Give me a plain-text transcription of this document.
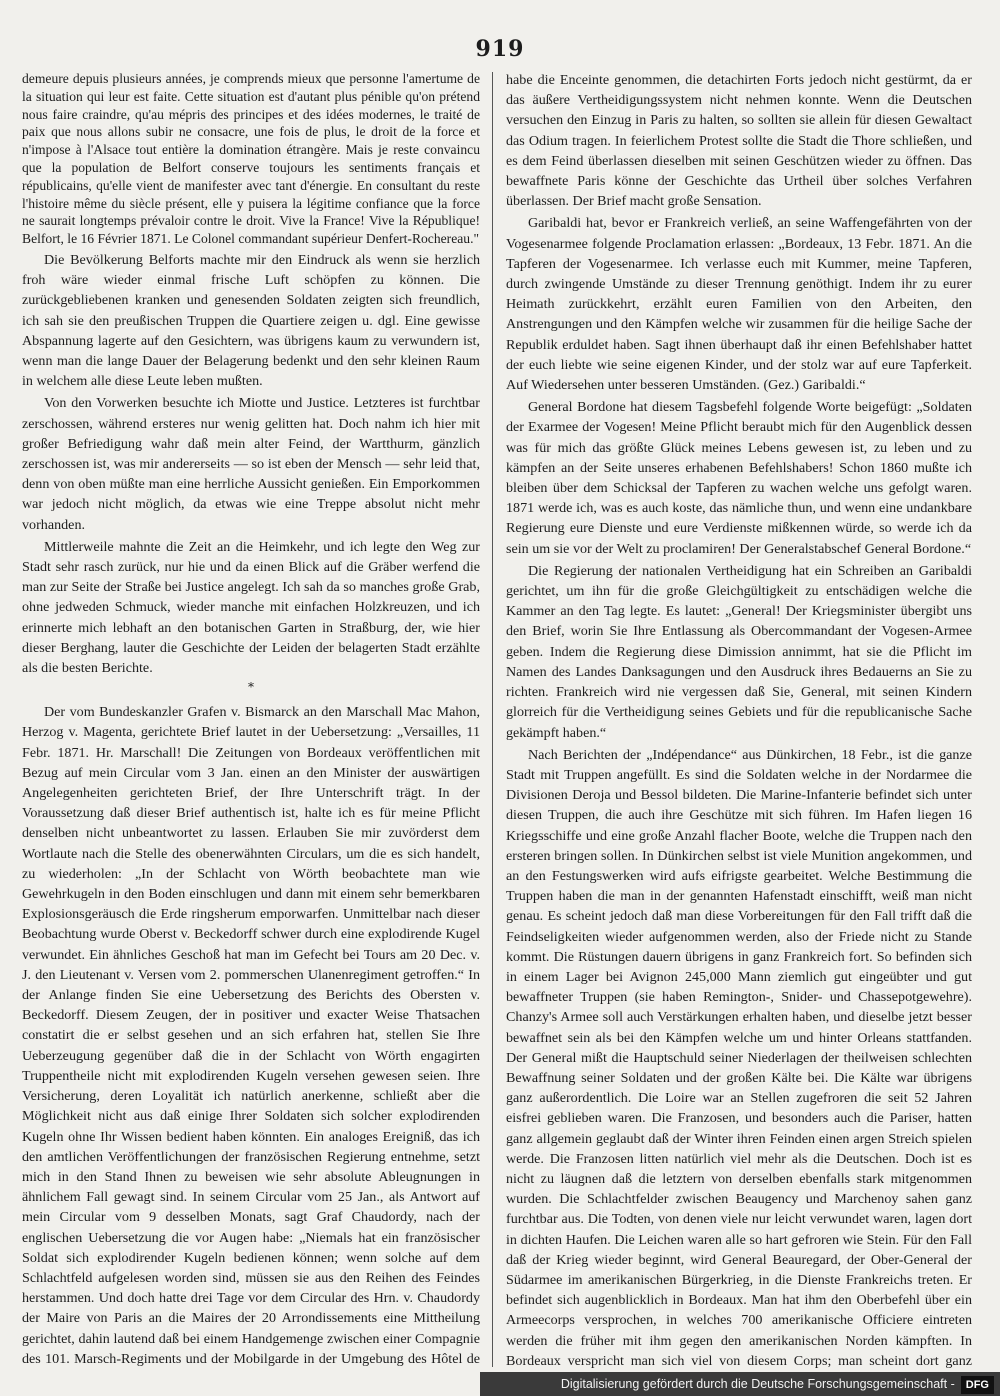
919

demeure depuis plusieurs années, je comprends mieux que personne l'amertume de la situation qui leur est faite. Cette situation est d'autant plus pénible qu'on prétend nous faire craindre, qu'au mépris des principes et des idées modernes, le traité de paix que nous allons subir ne consacre, une fois de plus, le droit de la force et n'impose à l'Alsace tout entière la domination étrangère. Mais je reste convaincu que la population de Belfort conserve toujours les sentiments français et républicains, qu'elle vient de manifester avec tant d'énergie. En consultant du reste l'histoire même du siècle présent, elle y puisera la légitime confiance que la force ne saurait longtemps prévaloir contre le droit. Vive la France! Vive la République! Belfort, le 16 Février 1871. Le Colonel commandant supérieur Denfert-Rochereau."

Die Bevölkerung Belforts machte mir den Eindruck als wenn sie herzlich froh wäre wieder einmal frische Luft schöpfen zu können. Die zurückgebliebenen kranken und genesenden Soldaten zeigten sich freundlich, ich sah sie den preußischen Truppen die Quartiere zeigen u. dgl. Eine gewisse Abspannung lagerte auf den Gesichtern, was übrigens kaum zu verwundern ist, wenn man die lange Dauer der Belagerung bedenkt und den sehr kleinen Raum in welchem alle diese Leute leben mußten.

Von den Vorwerken besuchte ich Miotte und Justice. Letzteres ist furchtbar zerschossen, während ersteres nur wenig gelitten hat. Doch nahm ich hier mit großer Befriedigung wahr daß mein alter Feind, der Wartthurm, gänzlich zerschossen ist, was mir andererseits — so ist eben der Mensch — sehr leid that, denn von oben müßte man eine herrliche Aussicht genießen. Ein Emporkommen war jedoch nicht möglich, da etwas wie eine Treppe absolut nicht mehr vorhanden.

Mittlerweile mahnte die Zeit an die Heimkehr, und ich legte den Weg zur Stadt sehr rasch zurück, nur hie und da einen Blick auf die Gräber werfend die man zur Seite der Straße bei Justice angelegt. Ich sah da so manches große Grab, ohne jedweden Schmuck, wieder manche mit einfachen Holzkreuzen, und ich erinnerte mich lebhaft an den botanischen Garten in Straßburg, der, wie hier dieser Berghang, lauter die Geschichte der Leiden der belagerten Stadt erzählte als die besten Berichte.

*

Der vom Bundeskanzler Grafen v. Bismarck an den Marschall Mac Mahon, Herzog v. Magenta, gerichtete Brief lautet in der Uebersetzung: „Versailles, 11 Febr. 1871. Hr. Marschall! Die Zeitungen von Bordeaux veröffentlichen mit Bezug auf mein Circular vom 3 Jan. einen an den Minister der auswärtigen Angelegenheiten gerichteten Brief, der Ihre Unterschrift trägt. In der Voraussetzung daß dieser Brief authentisch ist, halte ich es für meine Pflicht denselben nicht unbeantwortet zu lassen. Erlauben Sie mir zuvörderst dem Wortlaute nach die Stelle des obenerwähnten Circulars, um die es sich handelt, zu wiederholen: „In der Schlacht von Wörth beobachtete man wie Gewehrkugeln in den Boden einschlugen und dann mit einem sehr bemerkbaren Explosionsgeräusch die Erde ringsherum emporwarfen. Unmittelbar nach dieser Beobachtung wurde Oberst v. Beckedorff schwer durch eine explodirende Kugel verwundet. Ein ähnliches Geschoß hat man im Gefecht bei Tours am 20 Dec. v. J. den Lieutenant v. Versen vom 2. pommerschen Ulanenregiment getroffen.“ In der Anlange finden Sie eine Uebersetzung des Berichts des Obersten v. Beckedorff. Diesem Zeugen, der in positiver und exacter Weise Thatsachen constatirt die er selbst gesehen und an sich erfahren hat, stellen Sie Ihre Ueberzeugung gegenüber daß die in der Schlacht von Wörth engagirten Truppentheile nicht mit explodirenden Kugeln versehen gewesen seien. Ihre Versicherung, deren Loyalität ich natürlich anerkenne, schließt aber die Möglichkeit nicht aus daß einige Ihrer Soldaten sich solcher explodirenden Kugeln ohne Ihr Wissen bedient haben könnten. Ein analoges Ereigniß, das ich den amtlichen Veröffentlichungen der französischen Regierung entnehme, setzt mich in den Stand Ihnen zu beweisen wie sehr absolute Ableugnungen in ähnlichem Fall gewagt sind. In seinem Circular vom 25 Jan., als Antwort auf mein Circular vom 9 desselben Monats, sagt Graf Chaudordy, nach der englischen Uebersetzung die vor Augen habe: „Niemals hat ein französischer Soldat sich explodirender Kugeln bedienen können; wenn solche auf dem Schlachtfeld aufgelesen worden sind, müssen sie aus den Reihen des Feindes herstammen. Und doch hatte drei Tage vor dem Circular des Hrn. v. Chaudordy der Maire von Paris an die Maires der 20 Arrondissements eine Mittheilung gerichtet, dahin lautend daß bei einem Handgemenge zwischen einer Compagnie des 101. Marsch-Regiments und der Mobilgarde in der Umgebung des Hôtel de

habe die Enceinte genommen, die detachirten Forts jedoch nicht gestürmt, da er das äußere Vertheidigungssystem nicht nehmen konnte. Wenn die Deutschen versuchen den Einzug in Paris zu halten, so sollten sie allein für diesen Gewaltact das Odium tragen. In feierlichem Protest sollte die Stadt die Thore schließen, und es dem Feind überlassen dieselben mit seinen Geschützen wieder zu öffnen. Das bewaffnete Paris könne der Geschichte das Urtheil über solches Verfahren überlassen. Der Brief macht große Sensation.

Garibaldi hat, bevor er Frankreich verließ, an seine Waffengefährten von der Vogesenarmee folgende Proclamation erlassen: „Bordeaux, 13 Febr. 1871. An die Tapferen der Vogesenarmee. Ich verlasse euch mit Kummer, meine Tapferen, durch zwingende Umstände zu dieser Trennung genöthigt. Indem ihr zu eurer Heimath zurückkehrt, erzählt euren Familien von den Arbeiten, den Anstrengungen und den Kämpfen welche wir zusammen für die heilige Sache der Republik erduldet haben. Sagt ihnen überhaupt daß ihr einen Befehlshaber hattet der euch liebte wie seine eigenen Kinder, und der stolz war auf eure Tapferkeit. Auf Wiedersehen unter besseren Umständen. (Gez.) Garibaldi.“

General Bordone hat diesem Tagsbefehl folgende Worte beigefügt: „Soldaten der Exarmee der Vogesen! Meine Pflicht beraubt mich für den Augenblick dessen was für mich das größte Glück meines Lebens gewesen ist, zu leben und zu kämpfen an der Seite unseres erhabenen Befehlshabers! Schon 1860 mußte ich bleiben über dem Schicksal der Tapferen zu wachen welche uns gefolgt waren. 1871 werde ich, was es auch koste, das nämliche thun, und wenn eine undankbare Regierung eure Dienste und eure Verdienste mißkennen würde, so werde ich da sein um sie vor der Welt zu proclamiren! Der Generalstabschef General Bordone.“

Die Regierung der nationalen Vertheidigung hat ein Schreiben an Garibaldi gerichtet, um ihn für die große Gleichgültigkeit zu entschädigen welche die Kammer an den Tag legte. Es lautet: „General! Der Kriegsminister übergibt uns den Brief, worin Sie Ihre Entlassung als Obercommandant der Vogesen-Armee geben. Indem die Regierung diese Dimission annimmt, hat sie die Pflicht im Namen des Landes Danksagungen und den Ausdruck ihres Bedauerns an Sie zu richten. Frankreich wird nie vergessen daß Sie, General, mit seinen Kindern glorreich für die Vertheidigung seines Gebiets und für die republicanische Sache gekämpft haben.“

Nach Berichten der „Indépendance“ aus Dünkirchen, 18 Febr., ist die ganze Stadt mit Truppen angefüllt. Es sind die Soldaten welche in der Nordarmee die Divisionen Deroja und Bessol bildeten. Die Marine-Infanterie befindet sich unter diesen Truppen, die auch ihre Geschütze mit sich führen. Im Hafen liegen 16 Kriegsschiffe und eine große Anzahl flacher Boote, welche die Truppen nach den ersteren bringen sollen. In Dünkirchen selbst ist viele Munition angekommen, und an den Festungswerken wird aufs eifrigste gearbeitet. Welche Bestimmung die Truppen haben die man in der genannten Hafenstadt einschifft, weiß man nicht genau. Es scheint jedoch daß man diese Vorbereitungen für den Fall trifft daß die Feindseligkeiten wieder aufgenommen werden, also der Friede nicht zu Stande kommt. Die Rüstungen dauern übrigens in ganz Frankreich fort. So befinden sich in einem Lager bei Avignon 245,000 Mann ziemlich gut eingeübter und gut bewaffneter Truppen (sie haben Remington-, Snider- und Chassepotgewehre). Chanzy's Armee soll auch Verstärkungen erhalten haben, und dieselbe jetzt besser bewaffnet sein als bei den Kämpfen welche um und hinter Orleans stattfanden. Der General mißt die Hauptschuld seiner Niederlagen der theilweisen schlechten Bewaffnung seiner Soldaten und der großen Kälte bei. Die Kälte war übrigens ganz außerordentlich. Die Loire war an Stellen zugefroren die seit 52 Jahren eisfrei geblieben waren. Die Franzosen, und besonders auch die Pariser, hatten ganz allgemein geglaubt daß der Winter ihren Feinden einen argen Streich spielen werde. Die Franzosen litten natürlich viel mehr als die Deutschen. Doch ist es nicht zu läugnen daß die letztern von derselben ebenfalls stark mitgenommen wurden. Die Schlachtfelder zwischen Beaugency und Marchenoy sahen ganz furchtbar aus. Die Todten, von denen viele nur leicht verwundet waren, lagen dort in dichten Haufen. Die Leichen waren alle so hart gefroren wie Stein. Für den Fall daß der Krieg wieder beginnt, wird General Beauregard, der Ober-General der Südarmee im amerikanischen Bürgerkrieg, in die Dienste Frankreichs treten. Er befindet sich augenblicklich in Bordeaux. Man hat ihm den Oberbefehl über ein Armeecorps versprochen, in welches 700 amerikanische Officiere eintreten werden die früher mit ihm gegen den amerikanischen Norden kämpften. In Bordeaux verspricht man sich viel von diesem Corps; man scheint dort ganz

Digitalisierung gefördert durch die Deutsche Forschungsgemeinschaft - DFG
